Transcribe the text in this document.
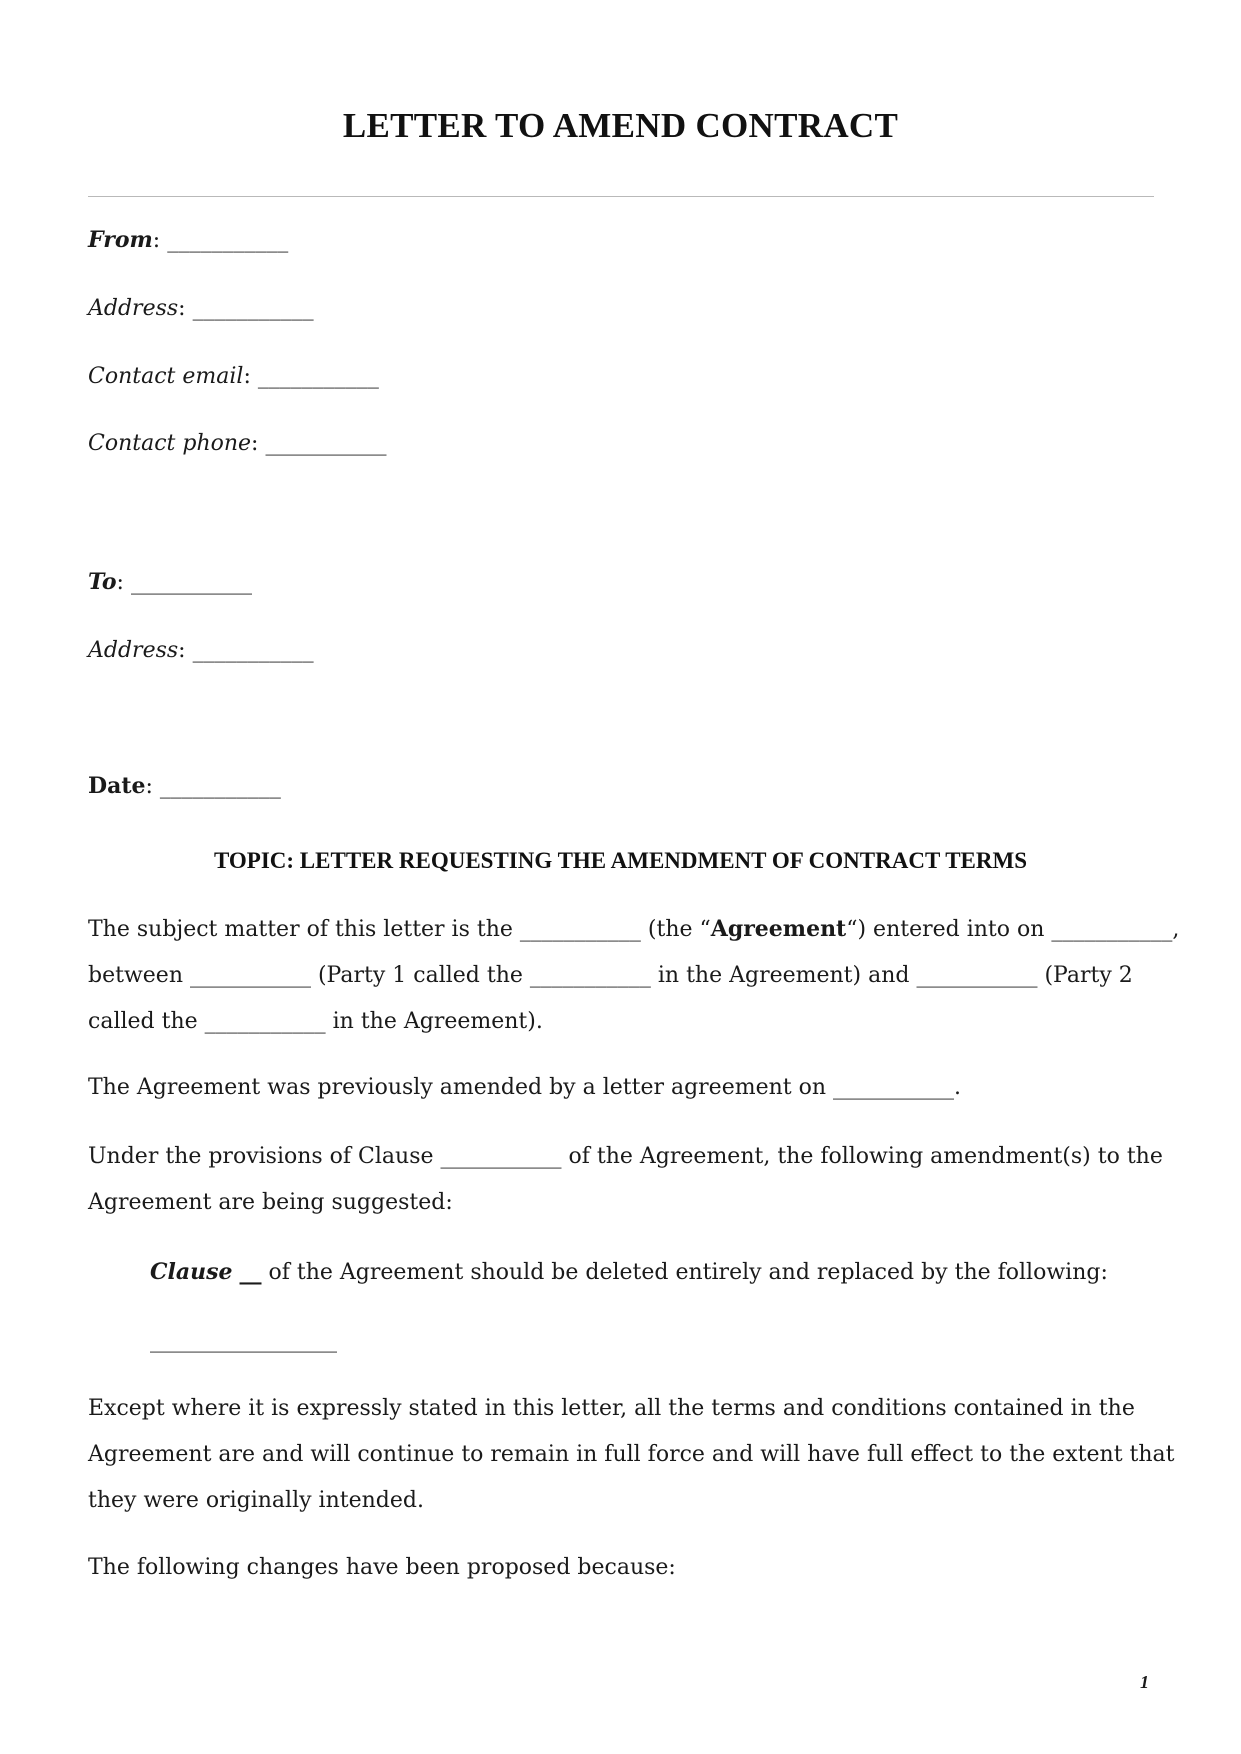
LETTER TO AMEND CONTRACT
From: ___________
Address: ___________
Contact email: ___________
Contact phone: ___________
To: ___________
Address: ___________
Date: ___________
TOPIC: LETTER REQUESTING THE AMENDMENT OF CONTRACT TERMS

The subject matter of this letter is the ___________ (the “Agreement“) entered into on ___________,

between ___________ (Party 1 called the ___________ in the Agreement) and ___________ (Party 2

called the ___________ in the Agreement).

The Agreement was previously amended by a letter agreement on ___________.

Under the provisions of Clause ___________ of the Agreement, the following amendment(s) to the

Agreement are being suggested:

Clause __ of the Agreement should be deleted entirely and replaced by the following:

_________________

Except where it is expressly stated in this letter, all the terms and conditions contained in the

Agreement are and will continue to remain in full force and will have full effect to the extent that

they were originally intended.

The following changes have been proposed because:

1
